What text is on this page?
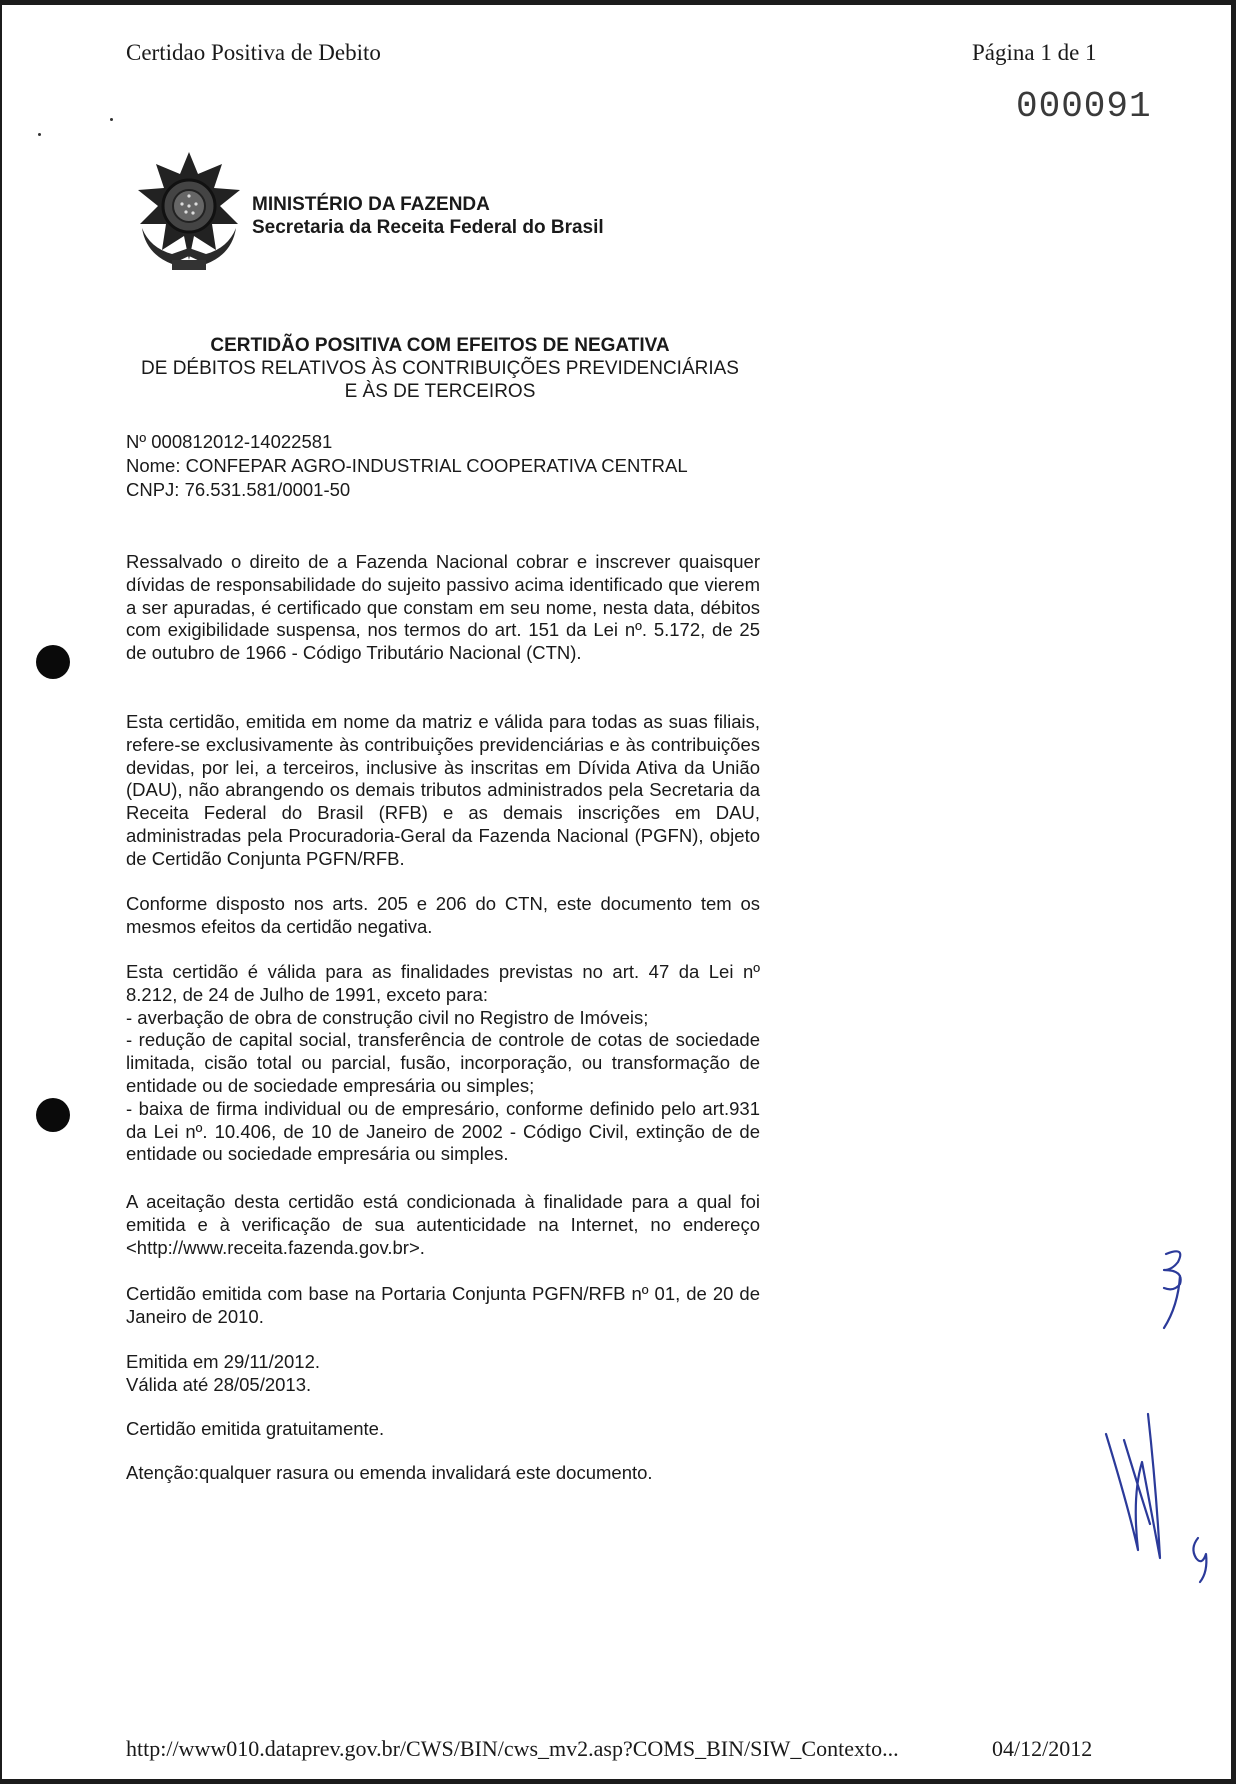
Certidao Positiva de Debito	Página 1 de 1
000091
MINISTÉRIO DA FAZENDA
Secretaria da Receita Federal do Brasil
CERTIDÃO POSITIVA COM EFEITOS DE NEGATIVA
DE DÉBITOS RELATIVOS ÀS CONTRIBUIÇÕES PREVIDENCIÁRIAS
E ÀS DE TERCEIROS
Nº 000812012-14022581
Nome: CONFEPAR AGRO-INDUSTRIAL COOPERATIVA CENTRAL
CNPJ: 76.531.581/0001-50
Ressalvado o direito de a Fazenda Nacional cobrar e inscrever quaisquer dívidas de responsabilidade do sujeito passivo acima identificado que vierem a ser apuradas, é certificado que constam em seu nome, nesta data, débitos com exigibilidade suspensa, nos termos do art. 151 da Lei nº. 5.172, de 25 de outubro de 1966 - Código Tributário Nacional (CTN).
Esta certidão, emitida em nome da matriz e válida para todas as suas filiais, refere-se exclusivamente às contribuições previdenciárias e às contribuições devidas, por lei, a terceiros, inclusive às inscritas em Dívida Ativa da União (DAU), não abrangendo os demais tributos administrados pela Secretaria da Receita Federal do Brasil (RFB) e as demais inscrições em DAU, administradas pela Procuradoria-Geral da Fazenda Nacional (PGFN), objeto de Certidão Conjunta PGFN/RFB.
Conforme disposto nos arts. 205 e 206 do CTN, este documento tem os mesmos efeitos da certidão negativa.
Esta certidão é válida para as finalidades previstas no art. 47 da Lei nº 8.212, de 24 de Julho de 1991, exceto para:
- averbação de obra de construção civil no Registro de Imóveis;
- redução de capital social, transferência de controle de cotas de sociedade limitada, cisão total ou parcial, fusão, incorporação, ou transformação de entidade ou de sociedade empresária ou simples;
- baixa de firma individual ou de empresário, conforme definido pelo art.931 da Lei nº. 10.406, de 10 de Janeiro de 2002 - Código Civil, extinção de de entidade ou sociedade empresária ou simples.
A aceitação desta certidão está condicionada à finalidade para a qual foi emitida e à verificação de sua autenticidade na Internet, no endereço <http://www.receita.fazenda.gov.br>.
Certidão emitida com base na Portaria Conjunta PGFN/RFB nº 01, de 20 de Janeiro de 2010.
Emitida em 29/11/2012.
Válida até 28/05/2013.
Certidão emitida gratuitamente.
Atenção:qualquer rasura ou emenda invalidará este documento.
http://www010.dataprev.gov.br/CWS/BIN/cws_mv2.asp?COMS_BIN/SIW_Contexto...	04/12/2012
